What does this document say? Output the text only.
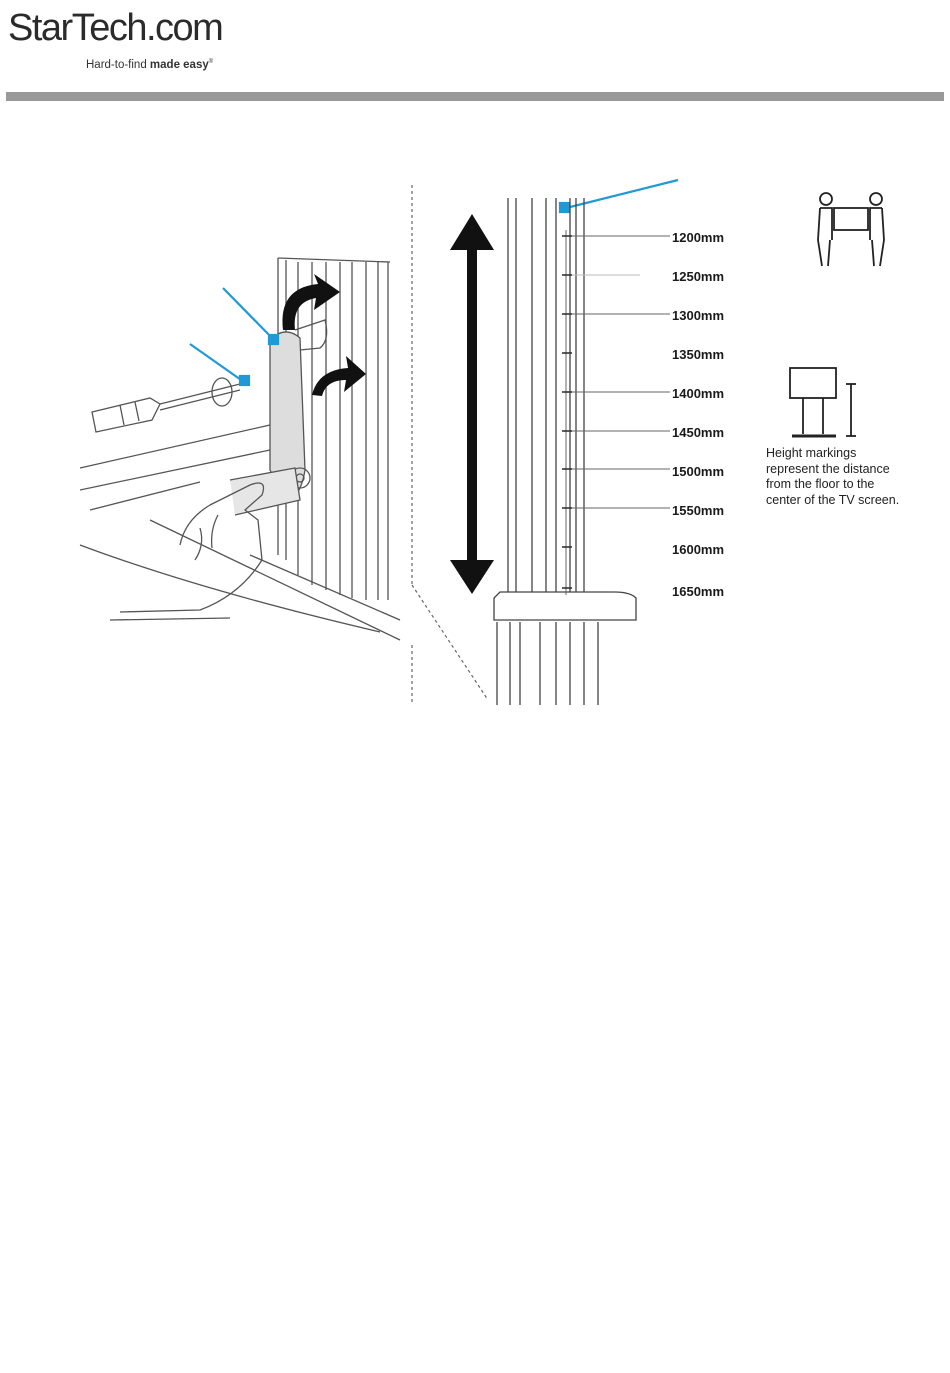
StarTech.com
Hard-to-find made easy®
1200mm
1250mm
1300mm
1350mm
1400mm
1450mm
1500mm
1550mm
1600mm
1650mm
Height markings represent the distance from the floor to the center of the TV screen.
